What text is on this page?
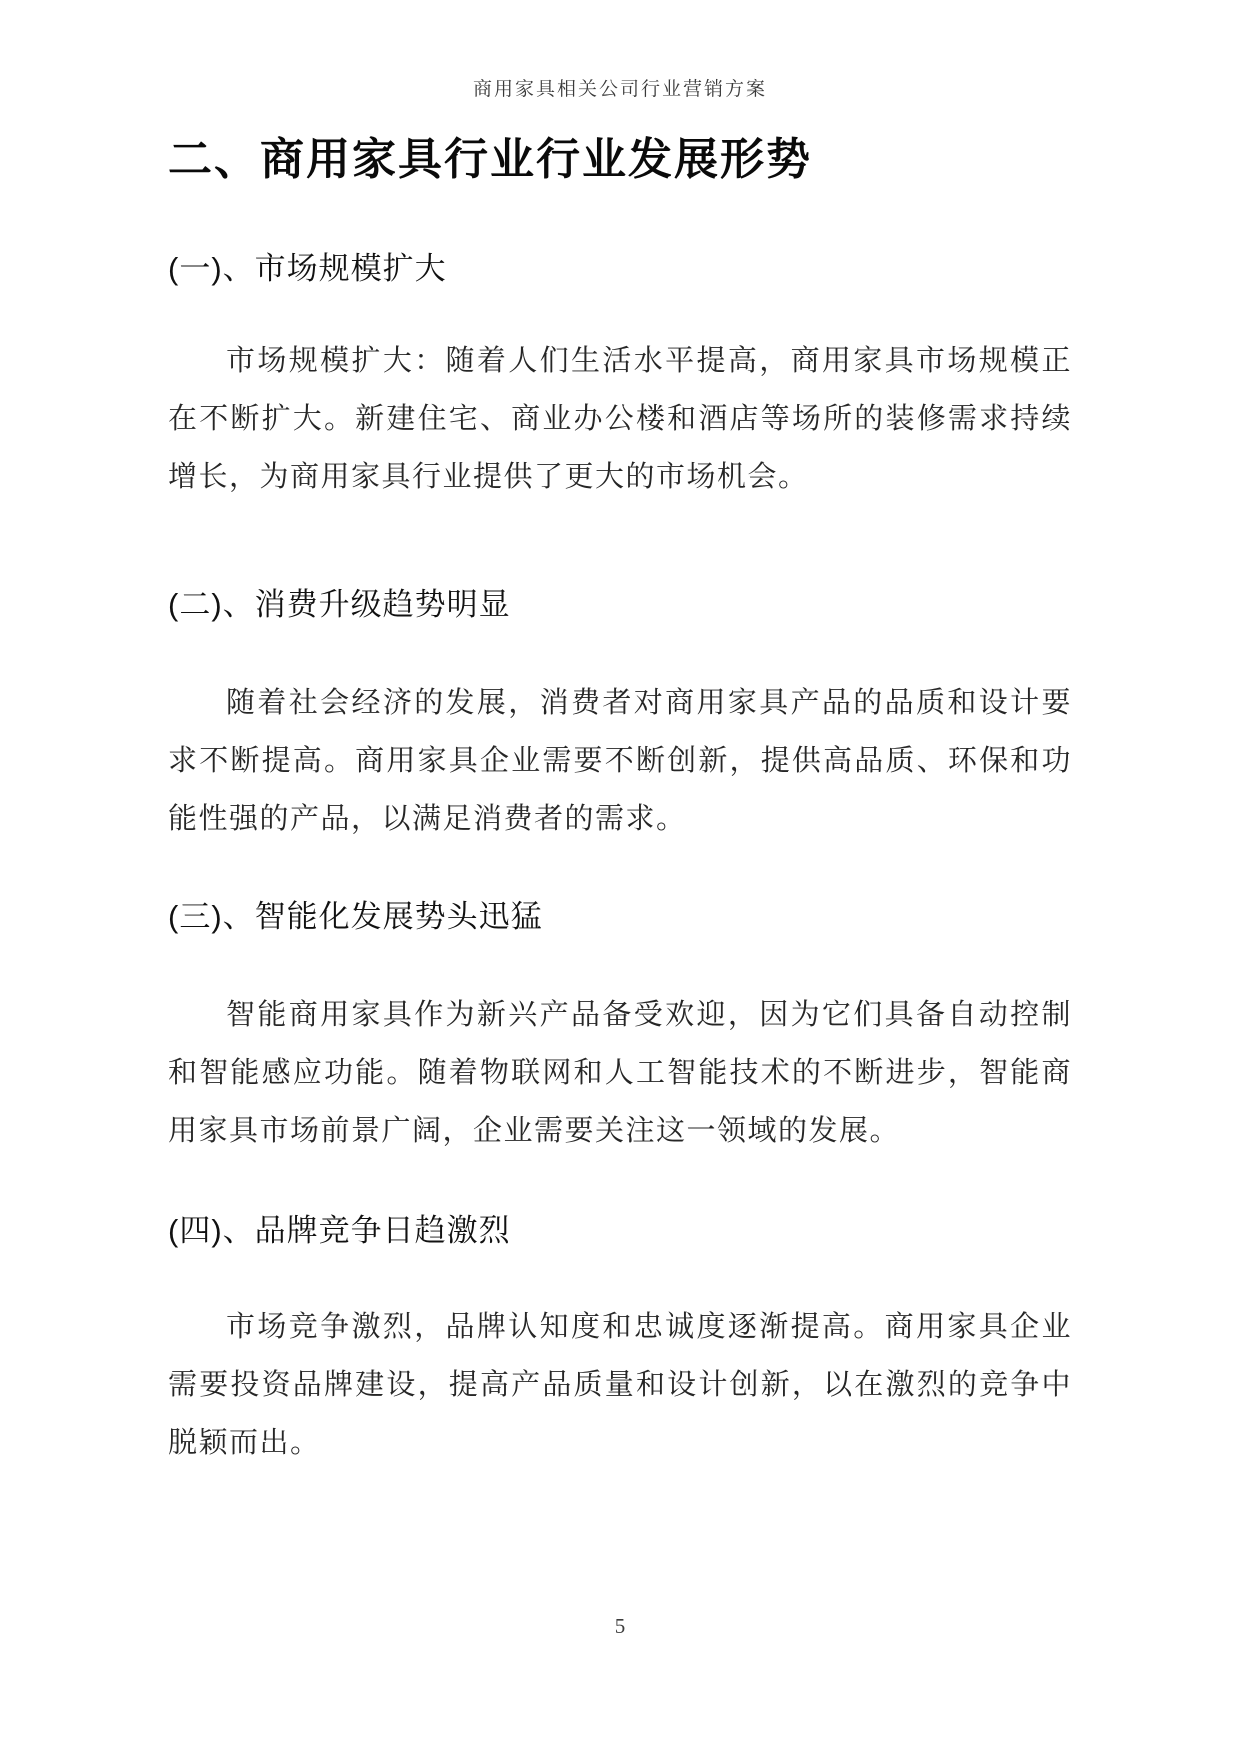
商用家具相关公司行业营销方案
二、商用家具行业行业发展形势
(一)、市场规模扩大

市场规模扩大：随着人们生活水平提高，商用家具市场规模正在不断扩大。新建住宅、商业办公楼和酒店等场所的装修需求持续增长，为商用家具行业提供了更大的市场机会。

(二)、消费升级趋势明显

随着社会经济的发展，消费者对商用家具产品的品质和设计要求不断提高。商用家具企业需要不断创新，提供高品质、环保和功能性强的产品，以满足消费者的需求。

(三)、智能化发展势头迅猛

智能商用家具作为新兴产品备受欢迎，因为它们具备自动控制和智能感应功能。随着物联网和人工智能技术的不断进步，智能商用家具市场前景广阔，企业需要关注这一领域的发展。

(四)、品牌竞争日趋激烈

市场竞争激烈，品牌认知度和忠诚度逐渐提高。商用家具企业需要投资品牌建设，提高产品质量和设计创新，以在激烈的竞争中脱颖而出。

5
